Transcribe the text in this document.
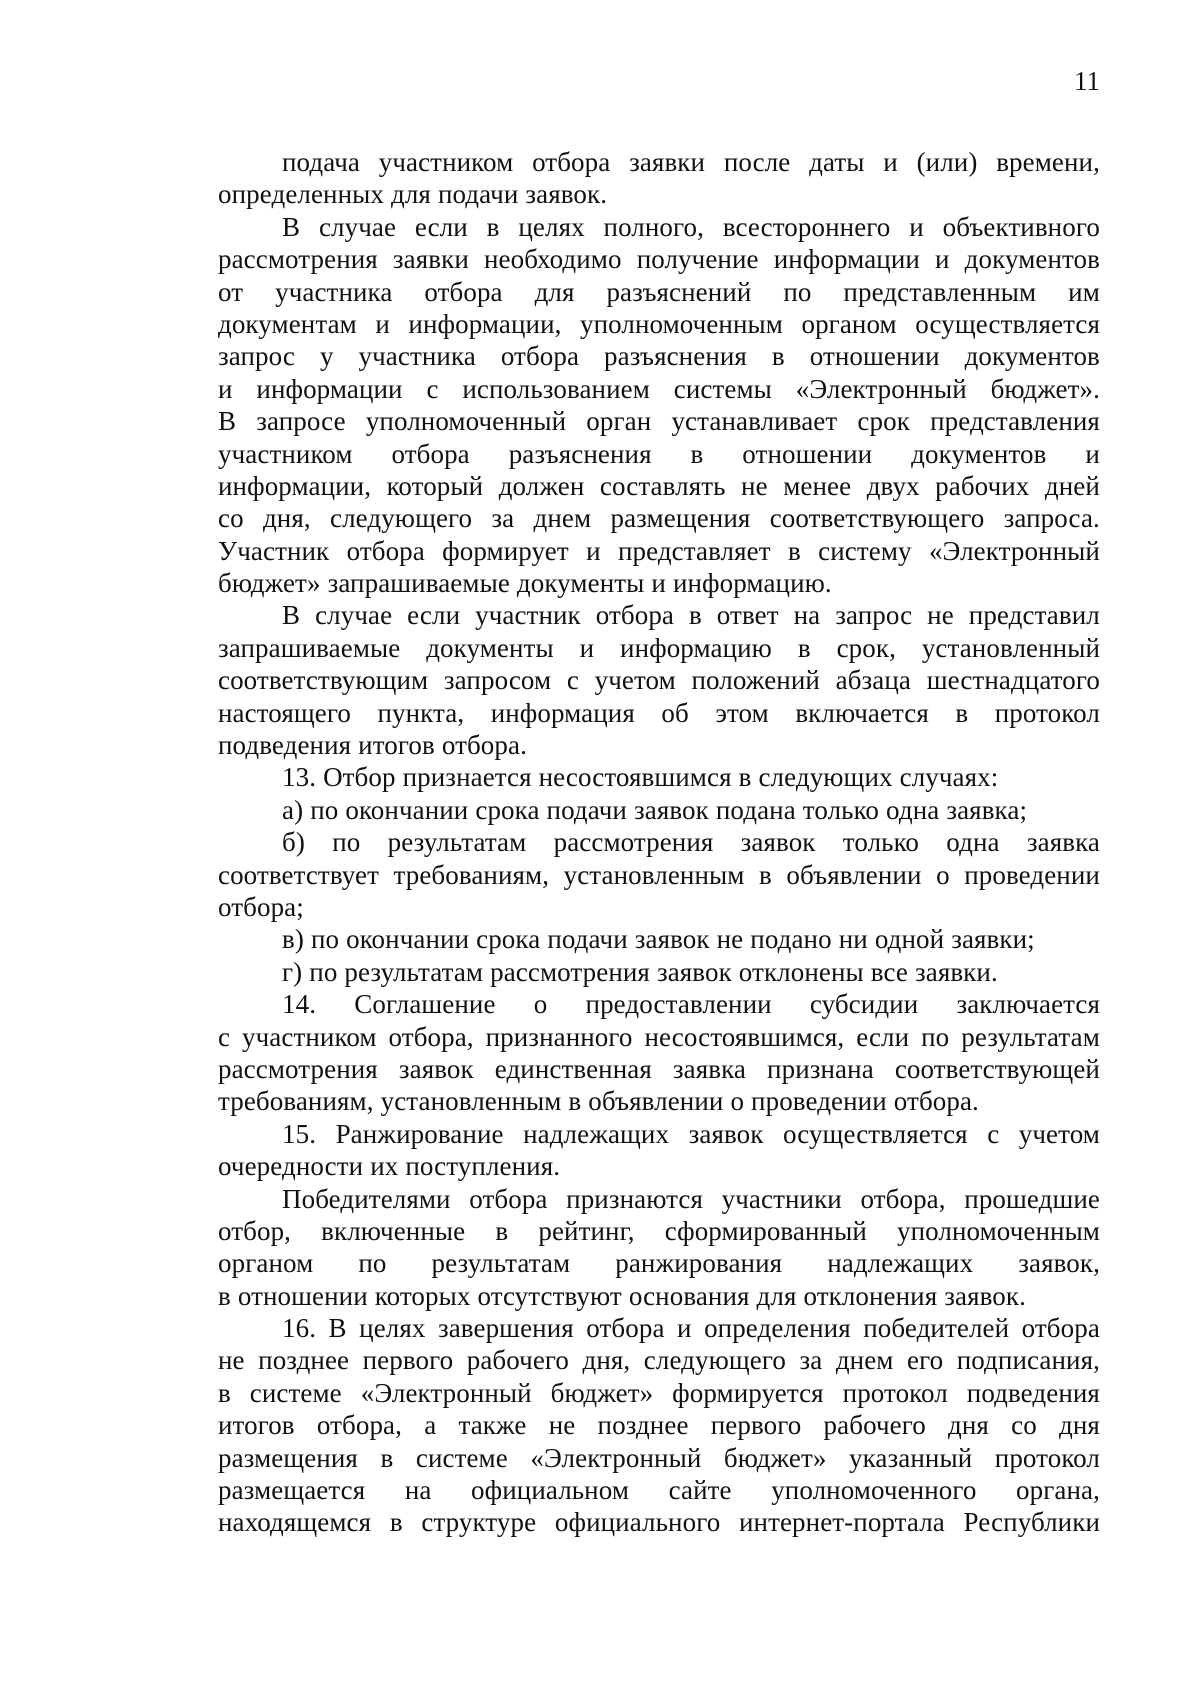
11
подача участником отбора заявки после даты и (или) времени,
определенных для подачи заявок.
В случае если в целях полного, всестороннего и объективного
рассмотрения заявки необходимо получение информации и документов
от участника отбора для разъяснений по представленным им
документам и информации, уполномоченным органом осуществляется
запрос у участника отбора разъяснения в отношении документов
и информации с использованием системы «Электронный бюджет».
В запросе уполномоченный орган устанавливает срок представления
участником отбора разъяснения в отношении документов и
информации, который должен составлять не менее двух рабочих дней
со дня, следующего за днем размещения соответствующего запроса.
Участник отбора формирует и представляет в систему «Электронный
бюджет» запрашиваемые документы и информацию.
В случае если участник отбора в ответ на запрос не представил
запрашиваемые документы и информацию в срок, установленный
соответствующим запросом с учетом положений абзаца шестнадцатого
настоящего пункта, информация об этом включается в протокол
подведения итогов отбора.
13. Отбор признается несостоявшимся в следующих случаях:
а) по окончании срока подачи заявок подана только одна заявка;
б) по результатам рассмотрения заявок только одна заявка
соответствует требованиям, установленным в объявлении о проведении
отбора;
в) по окончании срока подачи заявок не подано ни одной заявки;
г) по результатам рассмотрения заявок отклонены все заявки.
14. Соглашение о предоставлении субсидии заключается
с участником отбора, признанного несостоявшимся, если по результатам
рассмотрения заявок единственная заявка признана соответствующей
требованиям, установленным в объявлении о проведении отбора.
15. Ранжирование надлежащих заявок осуществляется с учетом
очередности их поступления.
Победителями отбора признаются участники отбора, прошедшие
отбор, включенные в рейтинг, сформированный уполномоченным
органом по результатам ранжирования надлежащих заявок,
в отношении которых отсутствуют основания для отклонения заявок.
16. В целях завершения отбора и определения победителей отбора
не позднее первого рабочего дня, следующего за днем его подписания,
в системе «Электронный бюджет» формируется протокол подведения
итогов отбора, а также не позднее первого рабочего дня со дня
размещения в системе «Электронный бюджет» указанный протокол
размещается на официальном сайте уполномоченного органа,
находящемся в структуре официального интернет-портала Республики
